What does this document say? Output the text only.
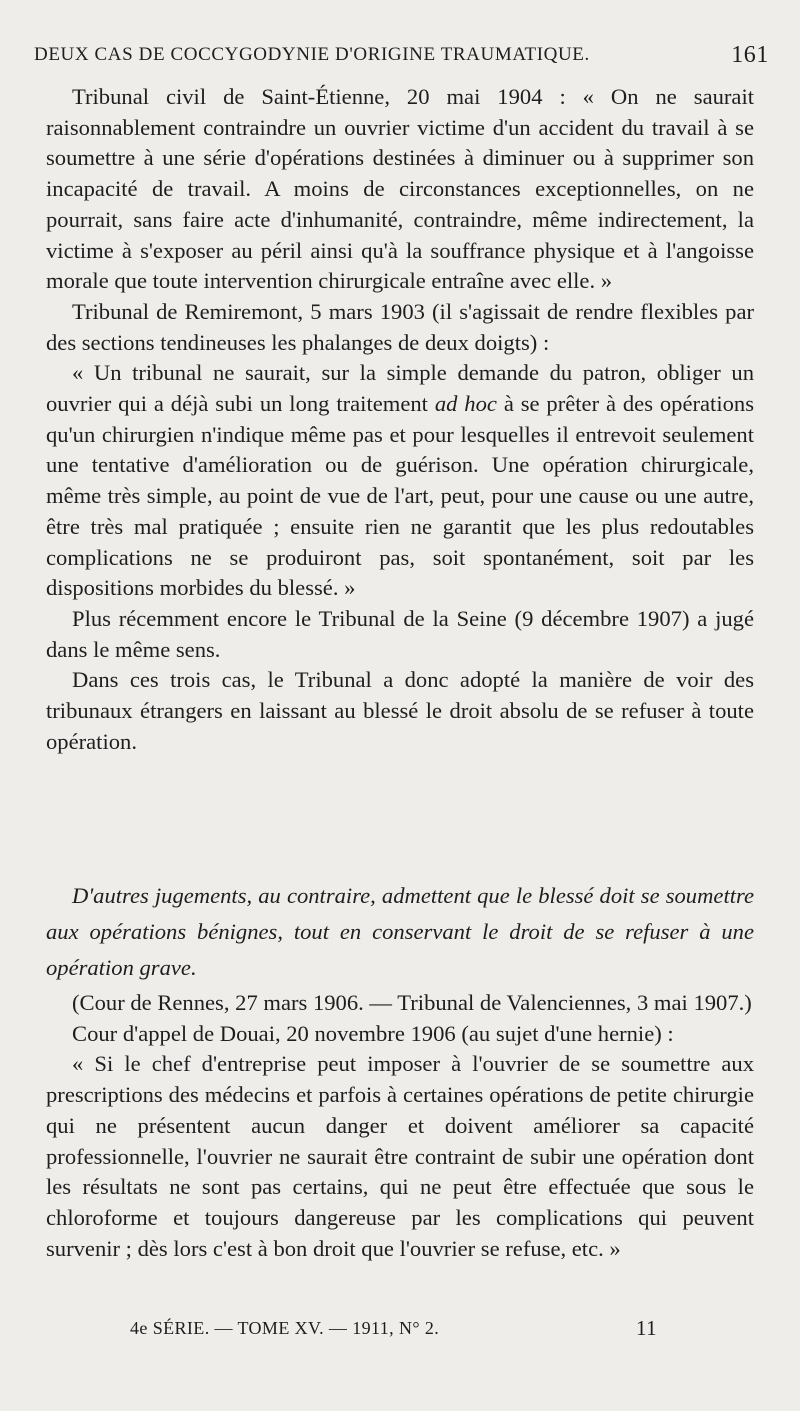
DEUX CAS DE COCCYGODYNIE D'ORIGINE TRAUMATIQUE.	161

Tribunal civil de Saint-Étienne, 20 mai 1904 : « On ne saurait raisonnablement contraindre un ouvrier victime d'un accident du travail à se soumettre à une série d'opérations destinées à diminuer ou à supprimer son incapacité de travail. A moins de circonstances exceptionnelles, on ne pourrait, sans faire acte d'inhumanité, contraindre, même indirectement, la victime à s'exposer au péril ainsi qu'à la souffrance physique et à l'angoisse morale que toute intervention chirurgicale entraîne avec elle. »

Tribunal de Remiremont, 5 mars 1903 (il s'agissait de rendre flexibles par des sections tendineuses les phalanges de deux doigts) :

« Un tribunal ne saurait, sur la simple demande du patron, obliger un ouvrier qui a déjà subi un long traitement ad hoc à se prêter à des opérations qu'un chirurgien n'indique même pas et pour lesquelles il entrevoit seulement une tentative d'amélioration ou de guérison. Une opération chirurgicale, même très simple, au point de vue de l'art, peut, pour une cause ou une autre, être très mal pratiquée ; ensuite rien ne garantit que les plus redoutables complications ne se produiront pas, soit spontanément, soit par les dispositions morbides du blessé. »

Plus récemment encore le Tribunal de la Seine (9 décembre 1907) a jugé dans le même sens.

Dans ces trois cas, le Tribunal a donc adopté la manière de voir des tribunaux étrangers en laissant au blessé le droit absolu de se refuser à toute opération.

D'autres jugements, au contraire, admettent que le blessé doit se soumettre aux opérations bénignes, tout en conservant le droit de se refuser à une opération grave.

(Cour de Rennes, 27 mars 1906. — Tribunal de Valenciennes, 3 mai 1907.)

Cour d'appel de Douai, 20 novembre 1906 (au sujet d'une hernie) :

« Si le chef d'entreprise peut imposer à l'ouvrier de se soumettre aux prescriptions des médecins et parfois à certaines opérations de petite chirurgie qui ne présentent aucun danger et doivent améliorer sa capacité professionnelle, l'ouvrier ne saurait être contraint de subir une opération dont les résultats ne sont pas certains, qui ne peut être effectuée que sous le chloroforme et toujours dangereuse par les complications qui peuvent survenir ; dès lors c'est à bon droit que l'ouvrier se refuse, etc. »

4e SÉRIE. — TOME XV. — 1911, N° 2.	11
